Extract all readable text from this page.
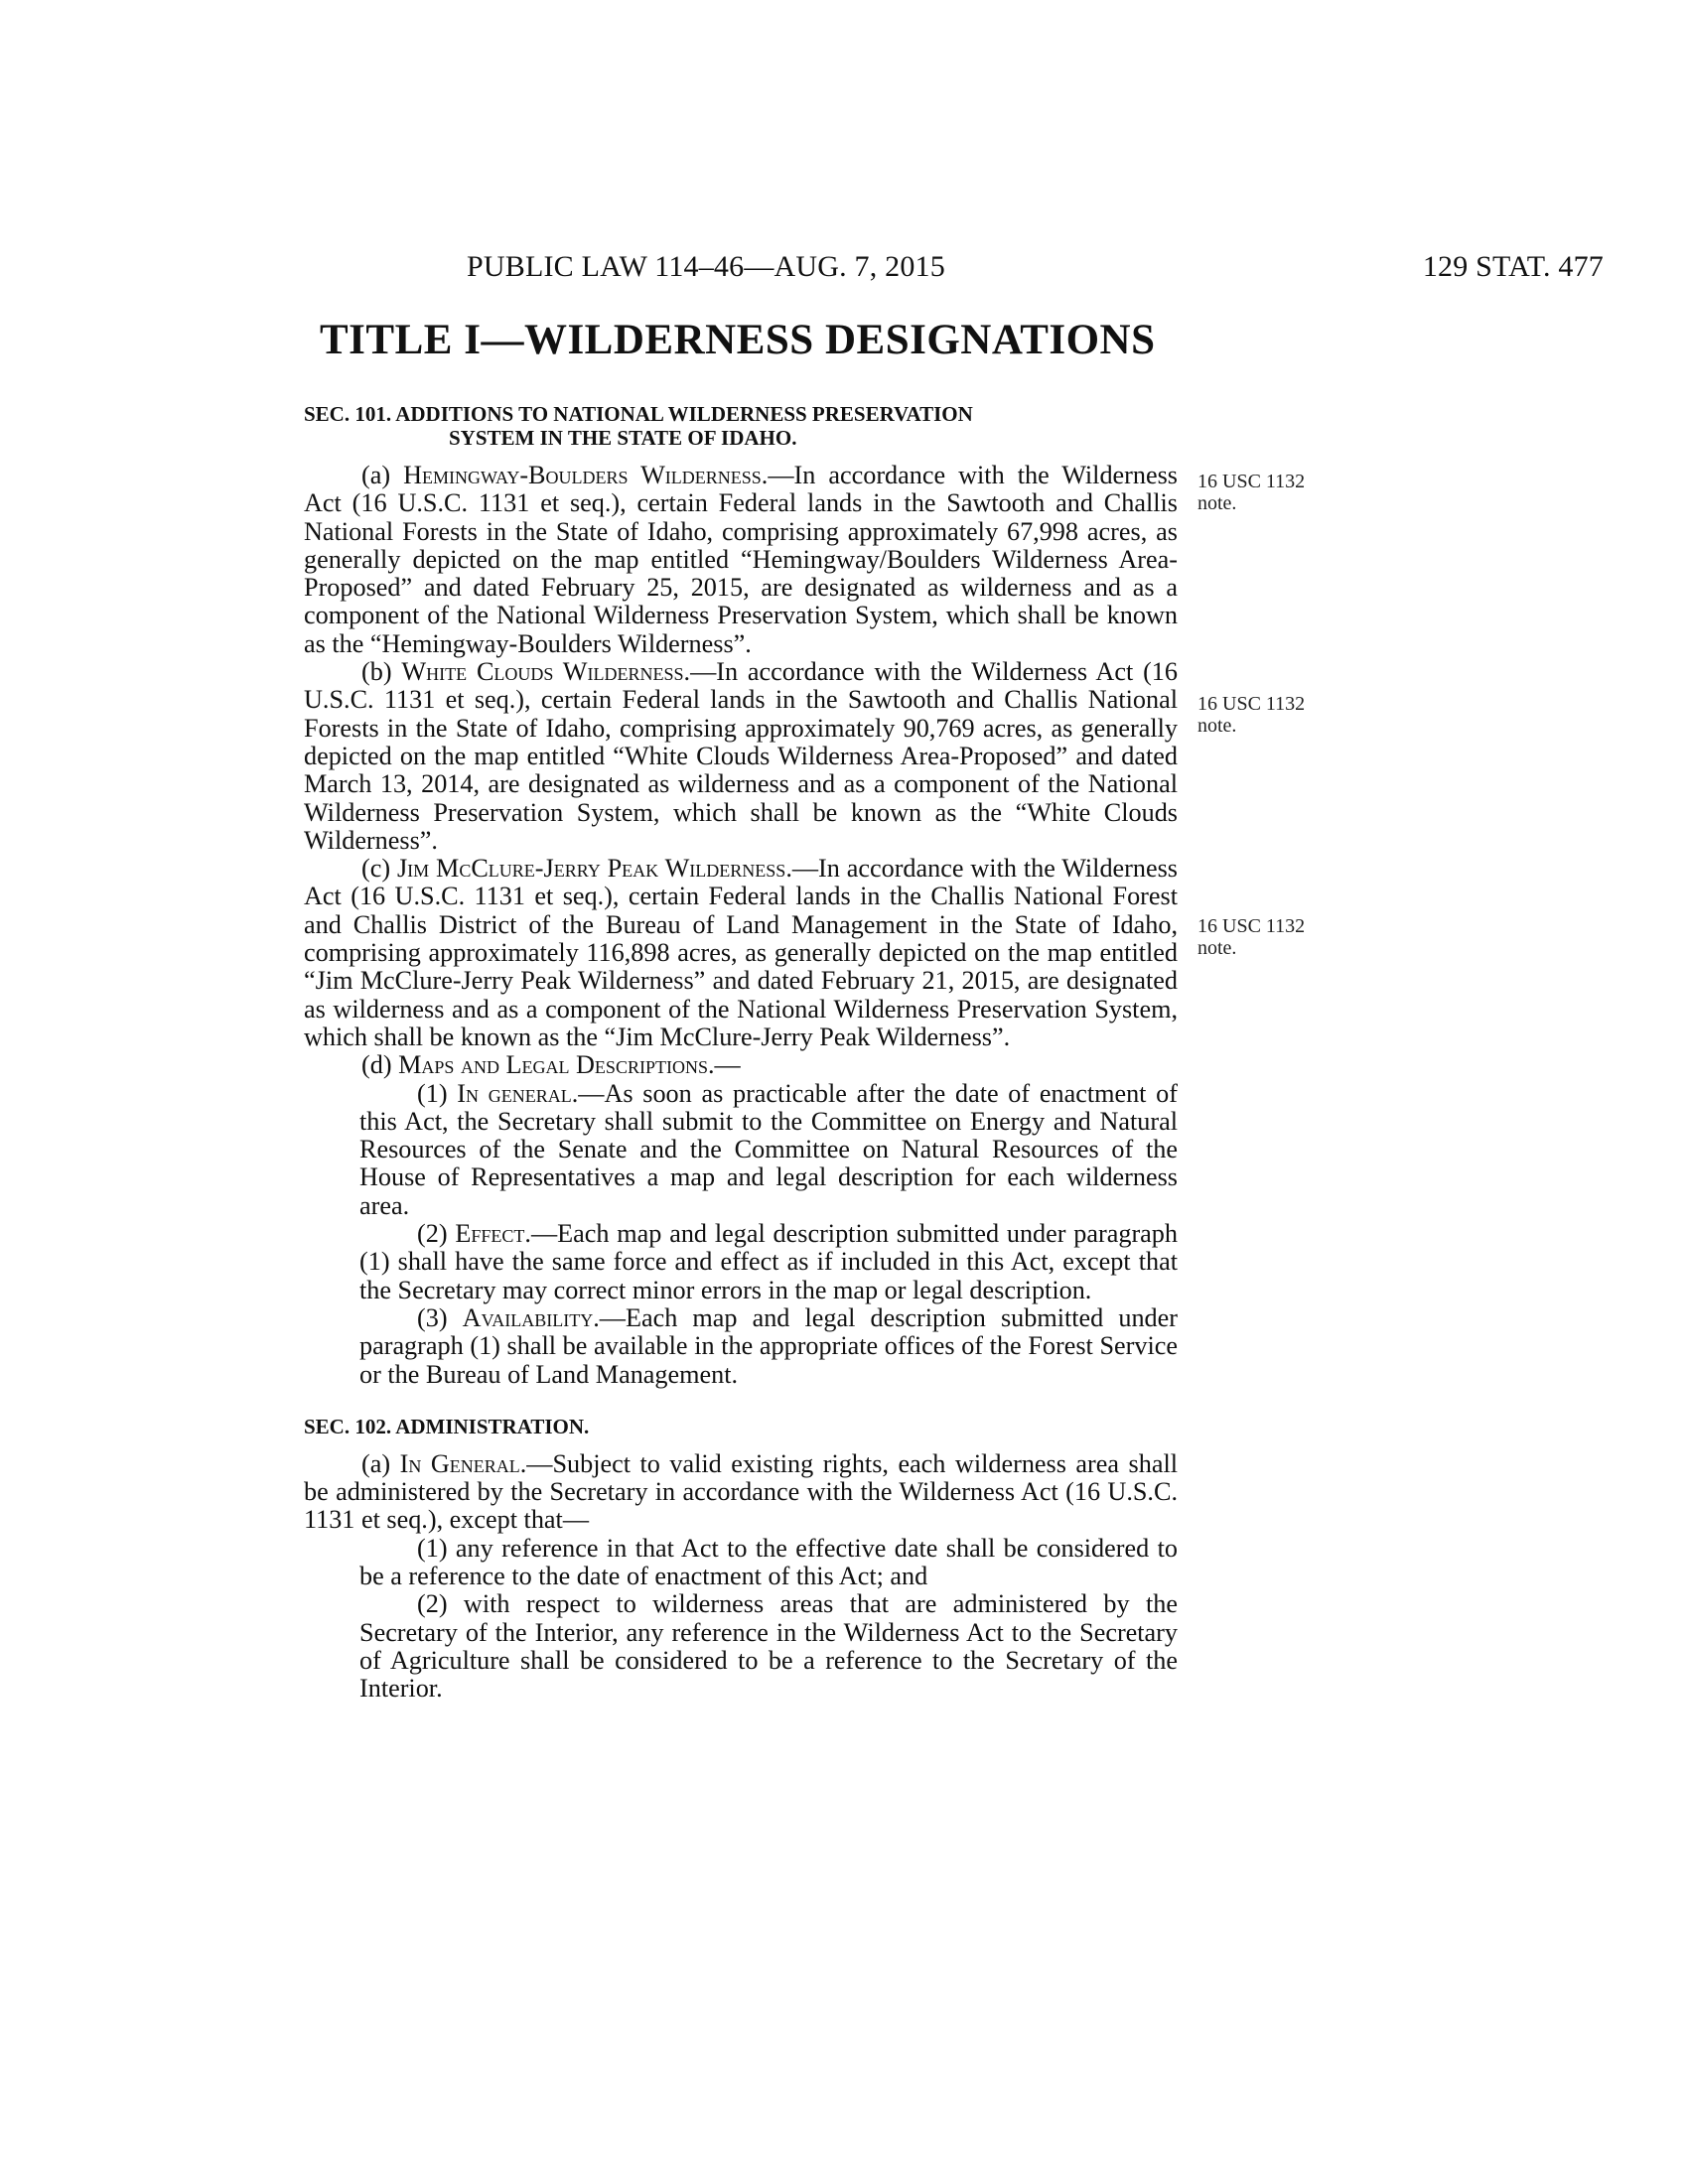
PUBLIC LAW 114–46—AUG. 7, 2015	129 STAT. 477
TITLE I—WILDERNESS DESIGNATIONS
SEC. 101. ADDITIONS TO NATIONAL WILDERNESS PRESERVATION
SYSTEM IN THE STATE OF IDAHO.

(a) Hemingway-Boulders Wilderness.—In accordance with the Wilderness Act (16 U.S.C. 1131 et seq.), certain Federal lands in the Sawtooth and Challis National Forests in the State of Idaho, comprising approximately 67,998 acres, as generally depicted on the map entitled “Hemingway/Boulders Wilderness Area-Proposed” and dated February 25, 2015, are designated as wilderness and as a component of the National Wilderness Preservation System, which shall be known as the “Hemingway-Boulders Wilderness”.

(b) White Clouds Wilderness.—In accordance with the Wilderness Act (16 U.S.C. 1131 et seq.), certain Federal lands in the Sawtooth and Challis National Forests in the State of Idaho, comprising approximately 90,769 acres, as generally depicted on the map entitled “White Clouds Wilderness Area-Proposed” and dated March 13, 2014, are designated as wilderness and as a component of the National Wilderness Preservation System, which shall be known as the “White Clouds Wilderness”.

(c) Jim McClure-Jerry Peak Wilderness.—In accordance with the Wilderness Act (16 U.S.C. 1131 et seq.), certain Federal lands in the Challis National Forest and Challis District of the Bureau of Land Management in the State of Idaho, comprising approximately 116,898 acres, as generally depicted on the map entitled “Jim McClure-Jerry Peak Wilderness” and dated February 21, 2015, are designated as wilderness and as a component of the National Wilderness Preservation System, which shall be known as the “Jim McClure-Jerry Peak Wilderness”.

(d) Maps and Legal Descriptions.—

(1) In general.—As soon as practicable after the date of enactment of this Act, the Secretary shall submit to the Committee on Energy and Natural Resources of the Senate and the Committee on Natural Resources of the House of Representatives a map and legal description for each wilderness area.

(2) Effect.—Each map and legal description submitted under paragraph (1) shall have the same force and effect as if included in this Act, except that the Secretary may correct minor errors in the map or legal description.

(3) Availability.—Each map and legal description submitted under paragraph (1) shall be available in the appropriate offices of the Forest Service or the Bureau of Land Management.

SEC. 102. ADMINISTRATION.

(a) In General.—Subject to valid existing rights, each wilderness area shall be administered by the Secretary in accordance with the Wilderness Act (16 U.S.C. 1131 et seq.), except that—

(1) any reference in that Act to the effective date shall be considered to be a reference to the date of enactment of this Act; and

(2) with respect to wilderness areas that are administered by the Secretary of the Interior, any reference in the Wilderness Act to the Secretary of Agriculture shall be considered to be a reference to the Secretary of the Interior.

16 USC 1132
note.
16 USC 1132
note.
16 USC 1132
note.
